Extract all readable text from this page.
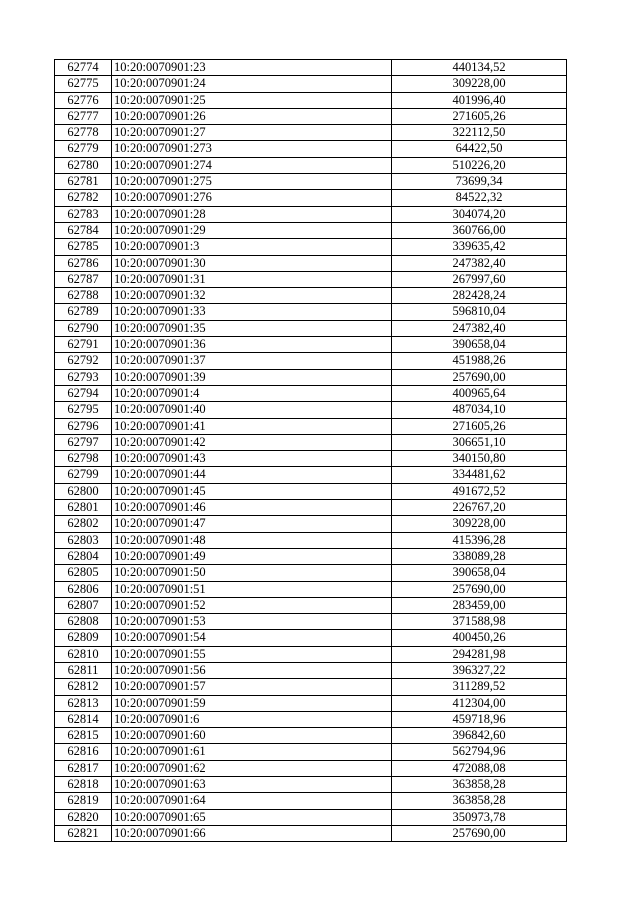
62774	10:20:0070901:23	440134,52
62775	10:20:0070901:24	309228,00
62776	10:20:0070901:25	401996,40
62777	10:20:0070901:26	271605,26
62778	10:20:0070901:27	322112,50
62779	10:20:0070901:273	64422,50
62780	10:20:0070901:274	510226,20
62781	10:20:0070901:275	73699,34
62782	10:20:0070901:276	84522,32
62783	10:20:0070901:28	304074,20
62784	10:20:0070901:29	360766,00
62785	10:20:0070901:3	339635,42
62786	10:20:0070901:30	247382,40
62787	10:20:0070901:31	267997,60
62788	10:20:0070901:32	282428,24
62789	10:20:0070901:33	596810,04
62790	10:20:0070901:35	247382,40
62791	10:20:0070901:36	390658,04
62792	10:20:0070901:37	451988,26
62793	10:20:0070901:39	257690,00
62794	10:20:0070901:4	400965,64
62795	10:20:0070901:40	487034,10
62796	10:20:0070901:41	271605,26
62797	10:20:0070901:42	306651,10
62798	10:20:0070901:43	340150,80
62799	10:20:0070901:44	334481,62
62800	10:20:0070901:45	491672,52
62801	10:20:0070901:46	226767,20
62802	10:20:0070901:47	309228,00
62803	10:20:0070901:48	415396,28
62804	10:20:0070901:49	338089,28
62805	10:20:0070901:50	390658,04
62806	10:20:0070901:51	257690,00
62807	10:20:0070901:52	283459,00
62808	10:20:0070901:53	371588,98
62809	10:20:0070901:54	400450,26
62810	10:20:0070901:55	294281,98
62811	10:20:0070901:56	396327,22
62812	10:20:0070901:57	311289,52
62813	10:20:0070901:59	412304,00
62814	10:20:0070901:6	459718,96
62815	10:20:0070901:60	396842,60
62816	10:20:0070901:61	562794,96
62817	10:20:0070901:62	472088,08
62818	10:20:0070901:63	363858,28
62819	10:20:0070901:64	363858,28
62820	10:20:0070901:65	350973,78
62821	10:20:0070901:66	257690,00
